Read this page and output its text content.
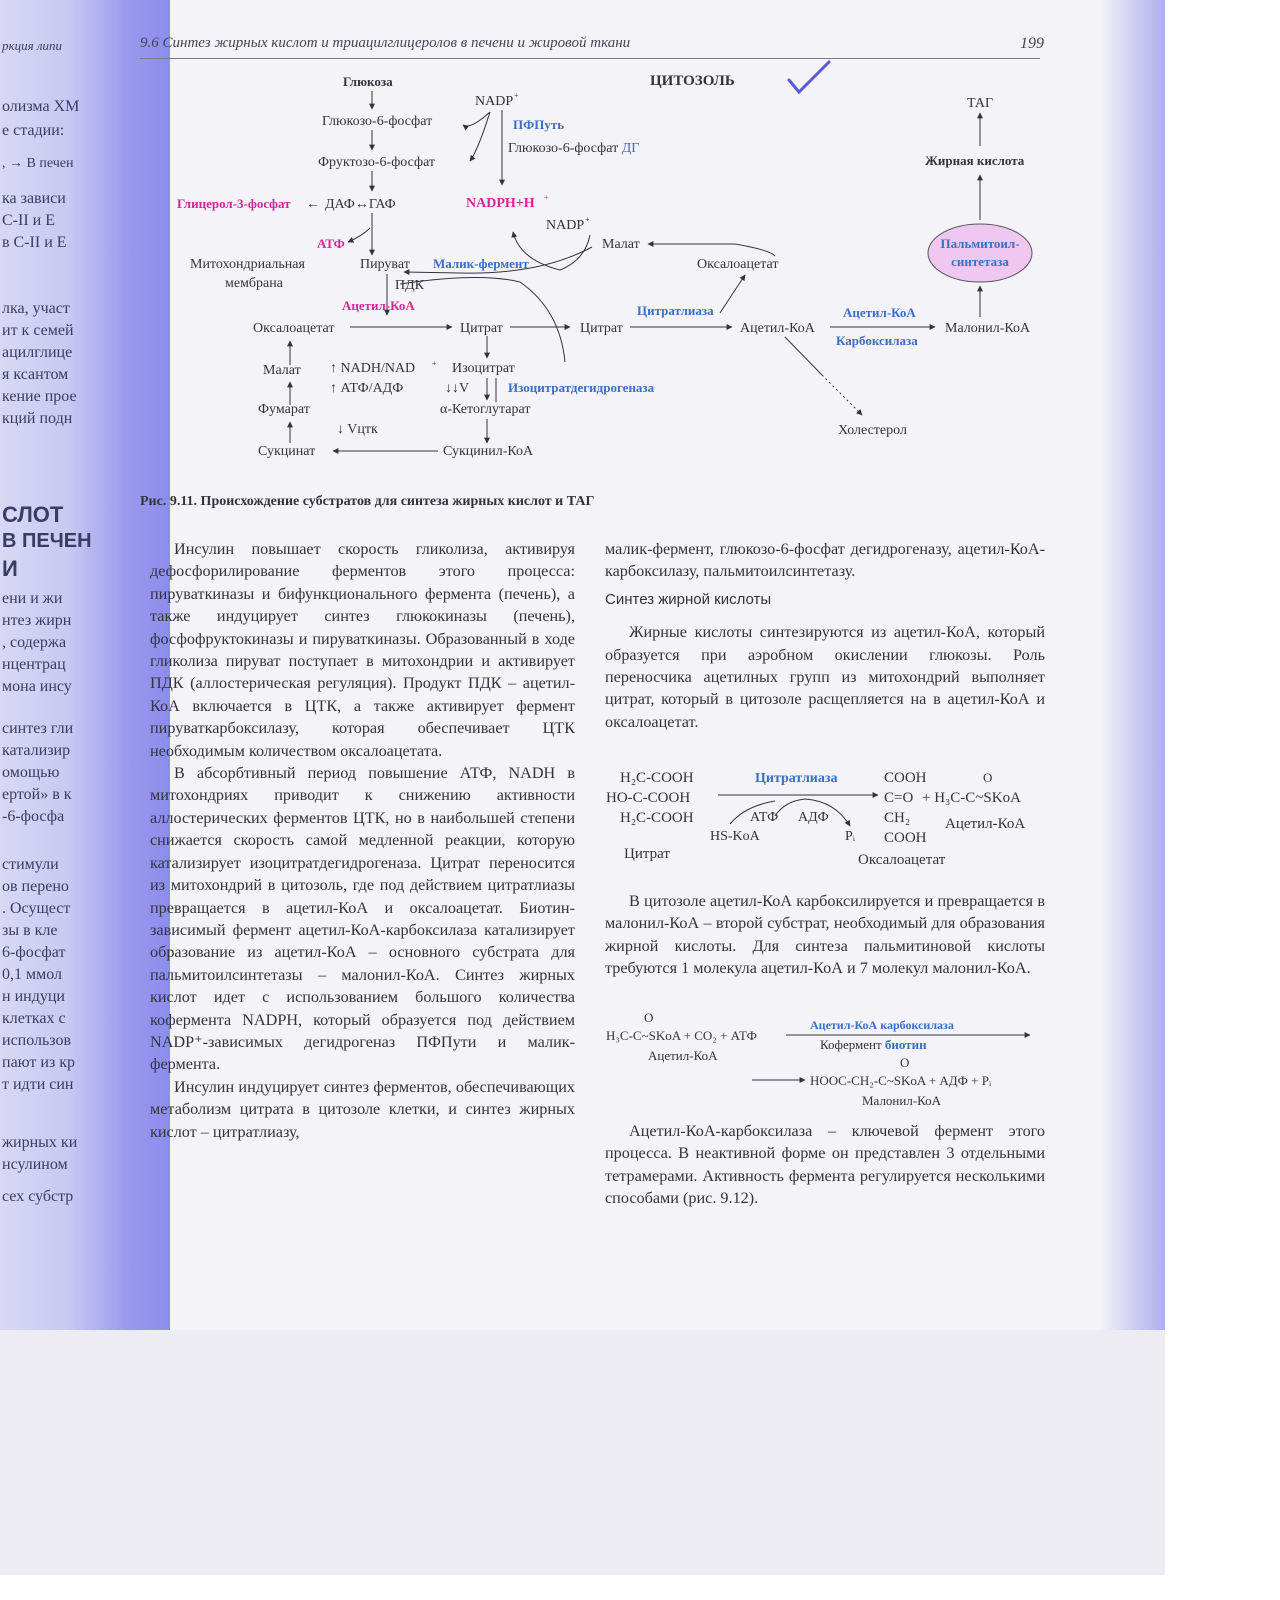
ркция липи
олизма ХМ
е стадии:
, → В печен
ка зависи
С-II и Е
в С-II и Е
лка, участ
ит к семей
ацилглице
я ксантом
кение прое
кций подн
СЛОТ
В ПЕЧЕН
И
ени и жи
нтез жирн
, содержа
нцентрац
мона инсу
синтез гли
катализир
омощью
ертой» в к
-6-фосфа
стимули
ов перено
. Осущест
зы в кле
6-фосфат
0,1 ммол
н индуци
клетках с
использов
пают из кр
т идти син
жирных ки
нсулином
сех субстр
9.6 Синтез жирных кислот и триацилглицеролов в печени и жировой ткани	199
ЦИТОЗОЛЬ
Глюкоза
Глюкозо-6-фосфат
Фруктозо-6-фосфат
Глицерол-3-фосфат ← ДАФ↔ГАФ
АТФ
Митохондриальная
мембрана
Пируват
ПДК
Ацетил-КоА
Оксалоацетат	Цитрат
Малат ↑ NADH/NAD +
↑ АТФ/АДФ	↓↓V
Изоцитрат
Изоцитратдегидрогеназа
Фумарат	α-Кетоглутарат
↓ Vцтк
Сукцинат	Сукцинил-КоА
NADP +
ПФПуть
Глюкозо-6-фосфат ДГ
NADPH+H +
NADP +
Малик-фермент
Малат
Оксалоацетат
Цитрат
Цитратлиаза
Ацетил-КоА
Ацетил-КоА
Карбоксилаза
Малонил-КоА
Холестерол
Пальмитоил-
синтетаза
Жирная кислота
ТАГ
Рис. 9.11. Происхождение субстратов для синтеза жирных кислот и ТАГ

Инсулин повышает скорость гликолиза, активируя дефосфорилирование ферментов этого процесса: пируваткиназы и бифункционального фермента (печень), а также индуцирует синтез глюкокиназы (печень), фосфофруктокиназы и пируваткиназы. Образованный в ходе гликолиза пируват поступает в митохондрии и активирует ПДК (аллостерическая регуляция). Продукт ПДК – ацетил-КоА включается в ЦТК, а также активирует фермент пируваткарбоксилазу, которая обеспечивает ЦТК необходимым количеством оксалоацетата.

В абсорбтивный период повышение АТФ, NADH в митохондриях приводит к снижению активности аллостерических ферментов ЦТК, но в наибольшей степени снижается скорость самой медленной реакции, которую катализирует изоцитратдегидрогеназа. Цитрат переносится из митохондрий в цитозоль, где под действием цитратлиазы превращается в ацетил-КоА и оксалоацетат. Биотин-зависимый фермент ацетил-КоА-карбоксилаза катализирует образование из ацетил-КоА – основного субстрата для пальмитоилсинтетазы – малонил-КоА. Синтез жирных кислот идет с использованием большого количества кофермента NADPH, который образуется под действием NADP⁺-зависимых дегидрогеназ ПФПути и малик-фермента.

Инсулин индуцирует синтез ферментов, обеспечивающих метаболизм цитрата в цитозоле клетки, и синтез жирных кислот – цитратлиазу,

малик-фермент, глюкозо-6-фосфат дегидрогеназу, ацетил-КоА-карбоксилазу, пальмитоилсинтетазу.

Синтез жирной кислоты

Жирные кислоты синтезируются из ацетил-КоА, который образуется при аэробном окислении глюкозы. Роль переносчика ацетилных групп из митохондрий выполняет цитрат, который в цитозоле расщепляется на в ацетил-КоА и оксалоацетат.

H₂C-COOH
HO-C-COOH
H₂C-COOH
Цитрат
Цитратлиаза
АТФ АДФ
HS-KoA	Pᵢ
COOH
C=O
CH₂
COOH
Оксалоацетат
O
+ H₃C-C~SKoA
Ацетил-КоА

В цитозоле ацетил-КоА карбоксилируется и превращается в малонил-КоА – второй субстрат, необходимый для образования жирной кислоты. Для синтеза пальмитиновой кислоты требуются 1 молекула ацетил-КоА и 7 молекул малонил-КоА.

O
H₃C-C~SKoA + CO₂ + АТФ
Ацетил-КоА
Ацетил-КоА карбоксилаза
Кофермент биотин
O
HOOC-CH₂-C~SKoA + АДФ + Pᵢ
Малонил-КоА

Ацетил-КоА-карбоксилаза – ключевой фермент этого процесса. В неактивной форме он представлен 3 отдельными тетрамерами. Активность фермента регулируется несколькими способами (рис. 9.12).
